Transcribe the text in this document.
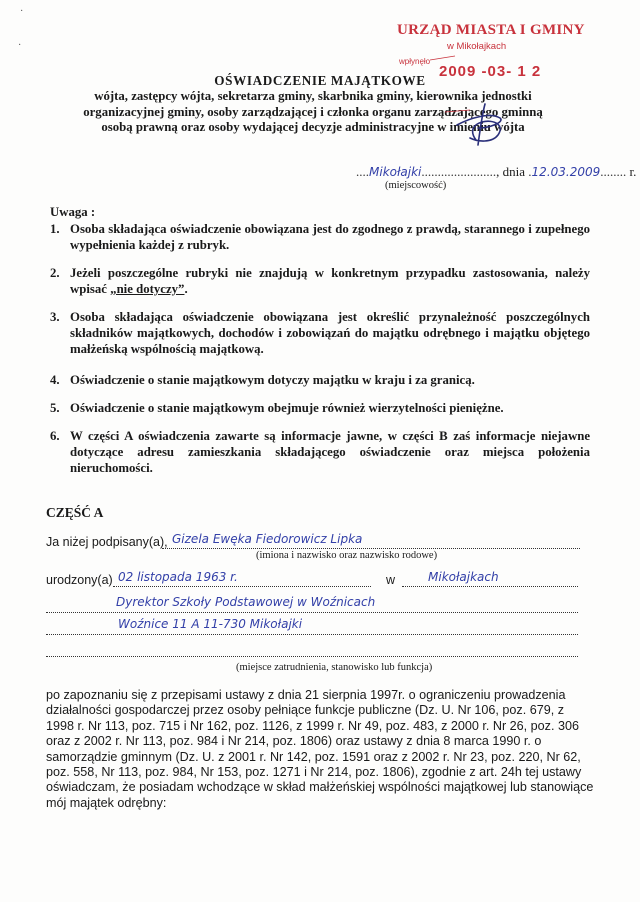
·
·
URZĄD MIASTA I GMINY
w Mikołajkach
wpłynęło
2009 -03- 1 2
OŚWIADCZENIE MAJĄTKOWE
wójta, zastępcy wójta, sekretarza gminy, skarbnika gminy, kierownika jednostki organizacyjnej gminy, osoby zarządzającej i członka organu zarządzającego gminną osobą prawną oraz osoby wydającej decyzje administracyjne w imieniu wójta
....Mikołajki......................., dnia .12.03.2009........ r.
(miejscowość)
Uwaga :
1. Osoba składająca oświadczenie obowiązana jest do zgodnego z prawdą, starannego i zupełnego wypełnienia każdej z rubryk.
2. Jeżeli poszczególne rubryki nie znajdują w konkretnym przypadku zastosowania, należy wpisać „nie dotyczy”.
3. Osoba składająca oświadczenie obowiązana jest określić przynależność poszczególnych składników majątkowych, dochodów i zobowiązań do majątku odrębnego i majątku objętego małżeńską wspólnością majątkową.
4. Oświadczenie o stanie majątkowym dotyczy majątku w kraju i za granicą.
5. Oświadczenie o stanie majątkowym obejmuje również wierzytelności pieniężne.
6. W części A oświadczenia zawarte są informacje jawne, w części B zaś informacje niejawne dotyczące adresu zamieszkania składającego oświadczenie oraz miejsca położenia nieruchomości.
CZĘŚĆ A
Ja niżej podpisany(a), Gizela Ewęka Fiedorowicz Lipka
(imiona i nazwisko oraz nazwisko rodowe)
urodzony(a) 02 listopada 1963 r.	w	Mikołajkach
Dyrektor Szkoły Podstawowej w Woźnicach
Woźnice 11 A 11-730 Mikołajki
(miejsce zatrudnienia, stanowisko lub funkcja)
po zapoznaniu się z przepisami ustawy z dnia 21 sierpnia 1997r. o ograniczeniu prowadzenia działalności gospodarczej przez osoby pełniące funkcje publiczne (Dz. U. Nr 106, poz. 679, z 1998 r. Nr 113, poz. 715 i Nr 162, poz. 1126, z 1999 r. Nr 49, poz. 483, z 2000 r. Nr 26, poz. 306 oraz z 2002 r. Nr 113, poz. 984 i Nr 214, poz. 1806) oraz ustawy z dnia 8 marca 1990 r. o samorządzie gminnym (Dz. U. z 2001 r. Nr 142, poz. 1591 oraz z 2002 r. Nr 23, poz. 220, Nr 62, poz. 558, Nr 113, poz. 984, Nr 153, poz. 1271 i Nr 214, poz. 1806), zgodnie z art. 24h tej ustawy oświadczam, że posiadam wchodzące w skład małżeńskiej wspólności majątkowej lub stanowiące mój majątek odrębny:
